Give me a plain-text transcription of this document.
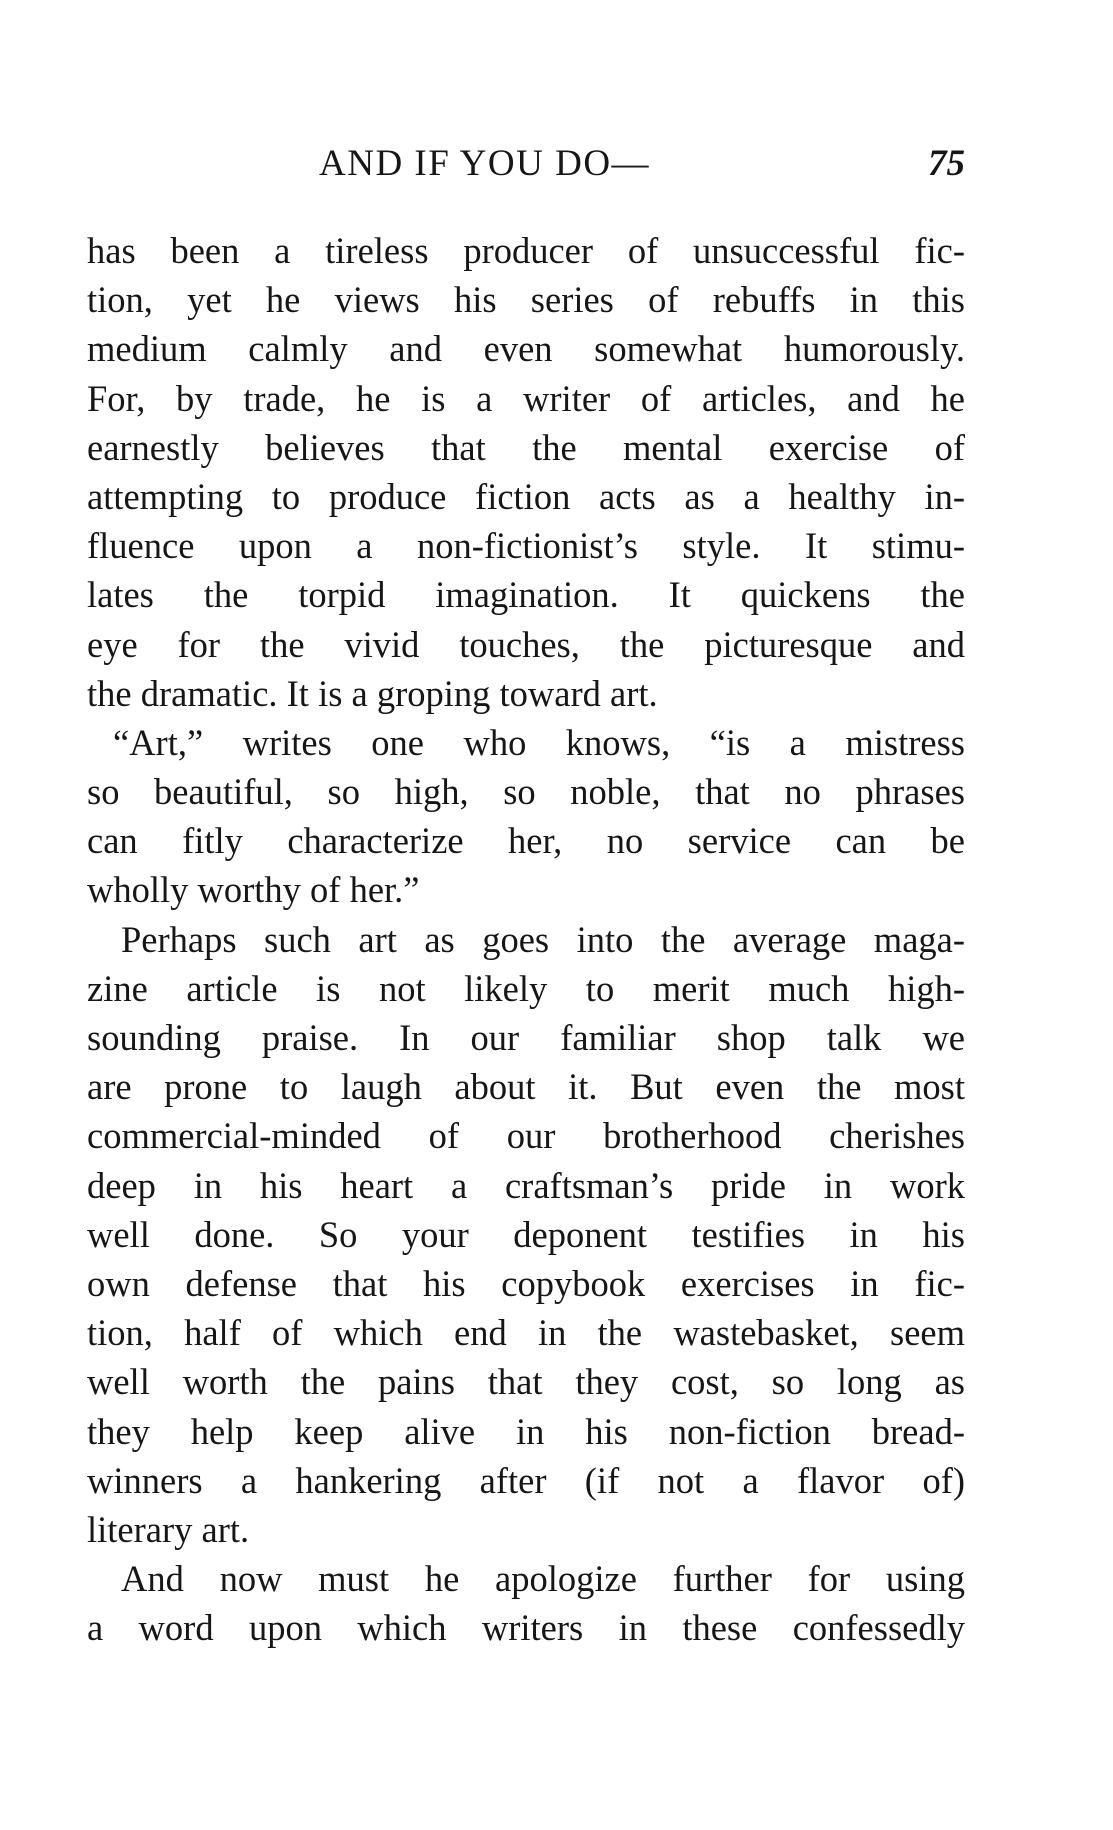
AND IF YOU DO—	75
has been a tireless producer of unsuccessful fic-
tion, yet he views his series of rebuffs in this
medium calmly and even somewhat humorously.
For, by trade, he is a writer of articles, and he
earnestly believes that the mental exercise of
attempting to produce fiction acts as a healthy in-
fluence upon a non-fictionist’s style. It stimu-
lates the torpid imagination. It quickens the
eye for the vivid touches, the picturesque and
the dramatic. It is a groping toward art.
“Art,” writes one who knows, “is a mistress
so beautiful, so high, so noble, that no phrases
can fitly characterize her, no service can be
wholly worthy of her.”
Perhaps such art as goes into the average maga-
zine article is not likely to merit much high-
sounding praise. In our familiar shop talk we
are prone to laugh about it. But even the most
commercial-minded of our brotherhood cherishes
deep in his heart a craftsman’s pride in work
well done. So your deponent testifies in his
own defense that his copybook exercises in fic-
tion, half of which end in the wastebasket, seem
well worth the pains that they cost, so long as
they help keep alive in his non-fiction bread-
winners a hankering after (if not a flavor of)
literary art.
And now must he apologize further for using
a word upon which writers in these confessedly
